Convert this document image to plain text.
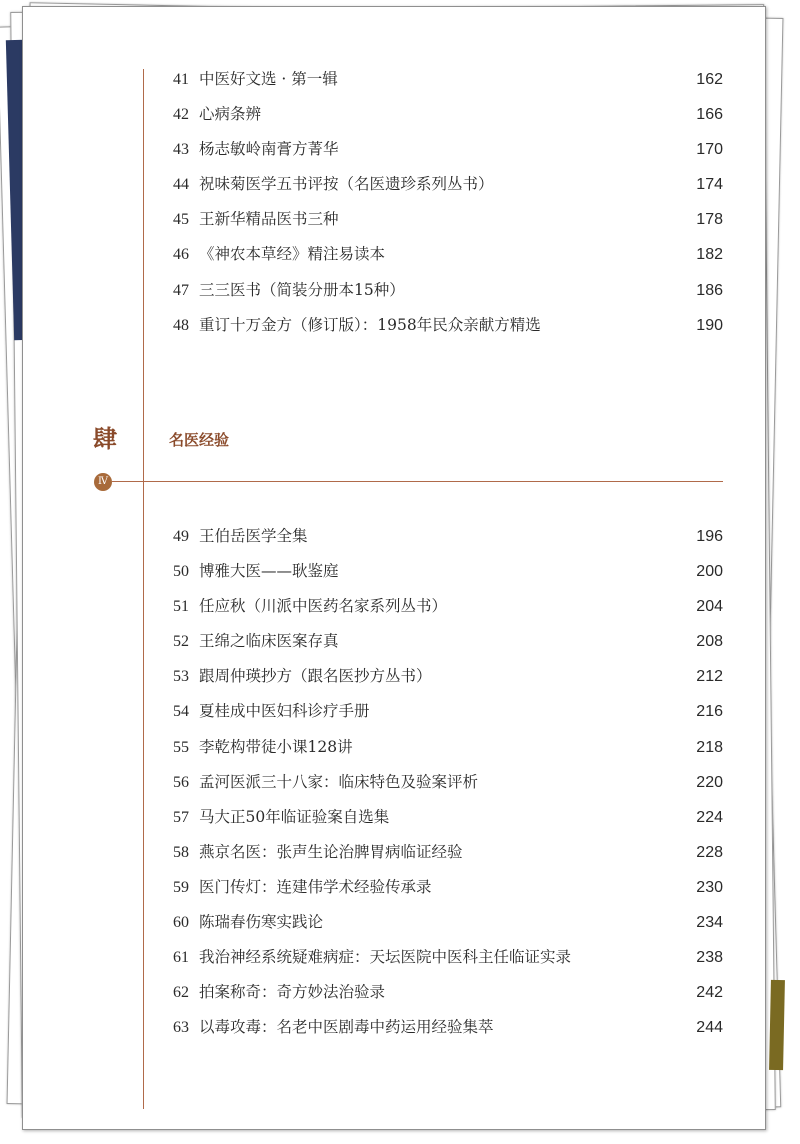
41 中医好文选 · 第一辑	162
42 心病条辨	166
43 杨志敏岭南膏方菁华	170
44 祝味菊医学五书评按（名医遗珍系列丛书）	174
45 王新华精品医书三种	178
46 《神农本草经》精注易读本	182
47 三三医书（简装分册本15种）	186
48 重订十万金方（修订版）：1958年民众亲献方精选	190
肆	名医经验
Ⅳ
49 王伯岳医学全集	196
50 博雅大医——耿鉴庭	200
51 任应秋（川派中医药名家系列丛书）	204
52 王绵之临床医案存真	208
53 跟周仲瑛抄方（跟名医抄方丛书）	212
54 夏桂成中医妇科诊疗手册	216
55 李乾构带徒小课128讲	218
56 孟河医派三十八家：临床特色及验案评析	220
57 马大正50年临证验案自选集	224
58 燕京名医：张声生论治脾胃病临证经验	228
59 医门传灯：连建伟学术经验传承录	230
60 陈瑞春伤寒实践论	234
61 我治神经系统疑难病症：天坛医院中医科主任临证实录	238
62 拍案称奇：奇方妙法治验录	242
63 以毒攻毒：名老中医剧毒中药运用经验集萃	244
